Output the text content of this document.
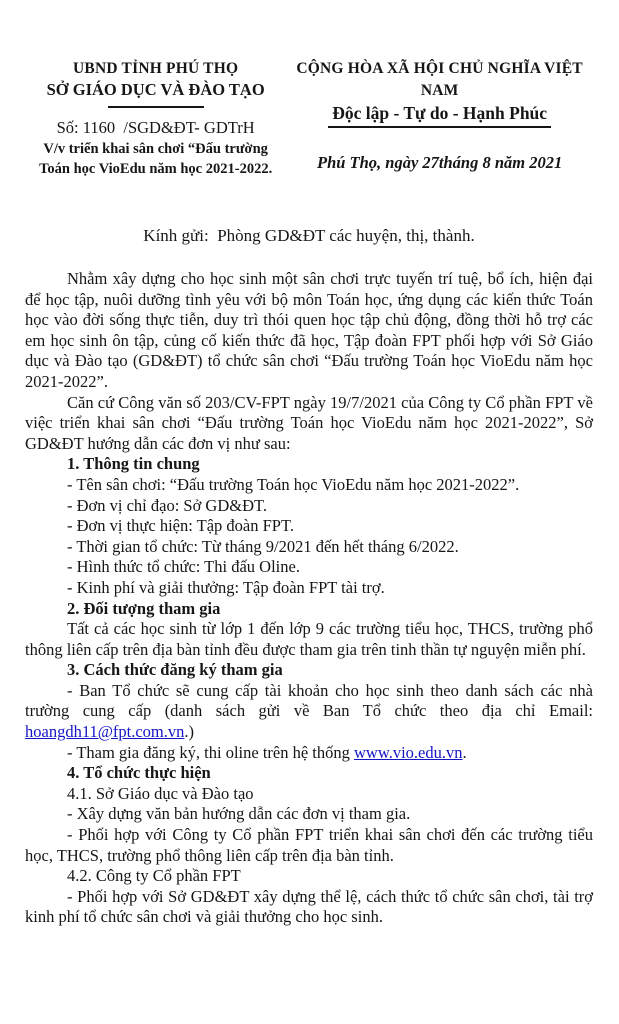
UBND TỈNH PHÚ THỌ
SỞ GIÁO DỤC VÀ ĐÀO TẠO
Số: 1160  /SGD&ĐT- GDTrH
V/v triển khai sân chơi “Đấu trường
Toán học VioEdu năm học 2021-2022.
CỘNG HÒA XÃ HỘI CHỦ NGHĨA VIỆT NAM
Độc lập - Tự do - Hạnh Phúc
Phú Thọ, ngày 27tháng 8 năm 2021
Kính gửi:  Phòng GD&ĐT các huyện, thị, thành.

Nhằm xây dựng cho học sinh một sân chơi trực tuyến trí tuệ, bổ ích, hiện đại để học tập, nuôi dưỡng tình yêu với bộ môn Toán học, ứng dụng các kiến thức Toán học vào đời sống thực tiễn, duy trì thói quen học tập chủ động, đồng thời hỗ trợ các em học sinh ôn tập, củng cố kiến thức đã học, Tập đoàn FPT phối hợp với Sở Giáo dục và Đào tạo (GD&ĐT) tổ chức sân chơi “Đấu trường Toán học VioEdu năm học 2021-2022”.

Căn cứ Công văn số 203/CV-FPT ngày 19/7/2021 của Công ty Cổ phần FPT về việc triển khai sân chơi “Đấu trường Toán học VioEdu năm học 2021-2022”, Sở GD&ĐT hướng dẫn các đơn vị như sau:

1. Thông tin chung

- Tên sân chơi: “Đấu trường Toán học VioEdu năm học 2021-2022”.

- Đơn vị chỉ đạo: Sở GD&ĐT.

- Đơn vị thực hiện: Tập đoàn FPT.

- Thời gian tổ chức: Từ tháng 9/2021 đến hết tháng 6/2022.

- Hình thức tổ chức: Thi đấu Oline.

- Kinh phí và giải thưởng: Tập đoàn FPT tài trợ.

2. Đối tượng tham gia

Tất cả các học sinh từ lớp 1 đến lớp 9 các trường tiểu học, THCS, trường phổ thông liên cấp trên địa bàn tỉnh đều được tham gia trên tinh thần tự nguyện miễn phí.

3. Cách thức đăng ký tham gia

- Ban Tổ chức sẽ cung cấp tài khoản cho học sinh theo danh sách các nhà trường cung cấp (danh sách gửi về Ban Tổ chức theo địa chỉ Email: hoangdh11@fpt.com.vn.)

- Tham gia đăng ký, thi oline trên hệ thống www.vio.edu.vn.

4. Tổ chức thực hiện

4.1. Sở Giáo dục và Đào tạo

- Xây dựng văn bản hướng dẫn các đơn vị tham gia.

- Phối hợp với Công ty Cổ phần FPT triển khai sân chơi đến các trường tiểu học, THCS, trường phổ thông liên cấp trên địa bàn tỉnh.

4.2. Công ty Cổ phần FPT

- Phối hợp với Sở GD&ĐT xây dựng thể lệ, cách thức tổ chức sân chơi, tài trợ kinh phí tổ chức sân chơi và giải thưởng cho học sinh.
